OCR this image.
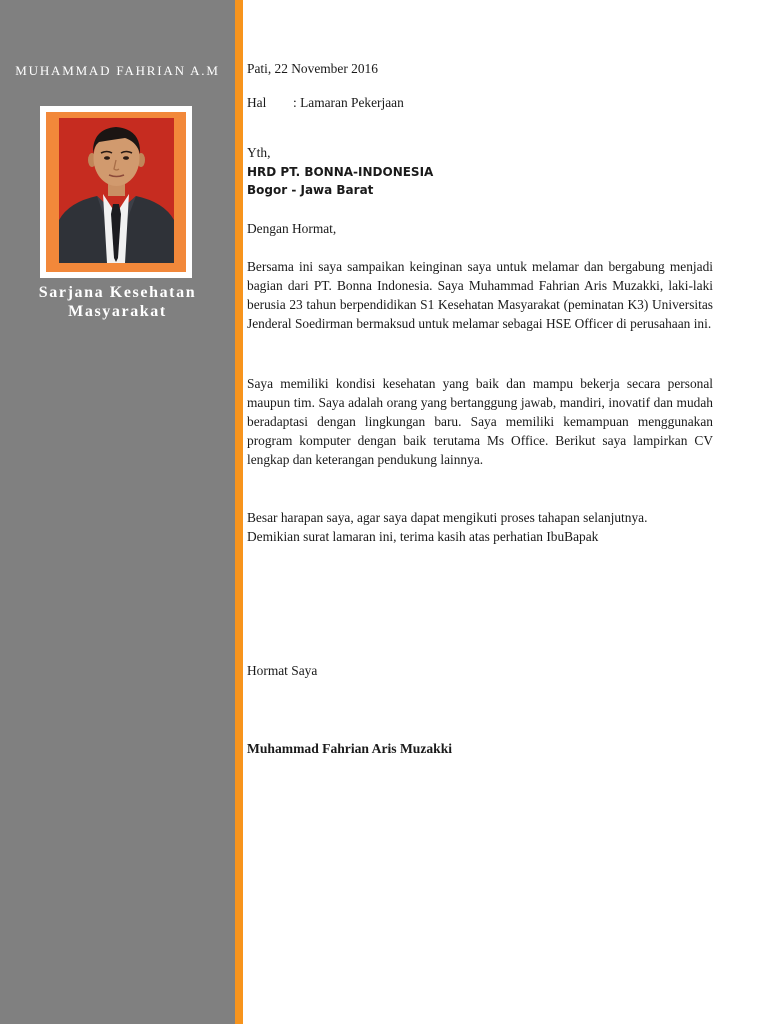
MUHAMMAD FAHRIAN A.M
Sarjana Kesehatan
Masyarakat
Pati, 22 November 2016
Hal : Lamaran Pekerjaan
Yth,
HRD PT. BONNA-INDONESIA
Bogor - Jawa Barat
Dengan Hormat,
Bersama ini saya sampaikan keinginan saya untuk melamar dan bergabung menjadi bagian dari PT. Bonna Indonesia. Saya Muhammad Fahrian Aris Muzakki, laki-laki berusia 23 tahun berpendidikan S1 Kesehatan Masyarakat (peminatan K3) Universitas Jenderal Soedirman bermaksud untuk melamar sebagai HSE Officer di perusahaan ini.
Saya memiliki kondisi kesehatan yang baik dan mampu bekerja secara personal maupun tim. Saya adalah orang yang bertanggung jawab, mandiri, inovatif dan mudah beradaptasi dengan lingkungan baru. Saya memiliki kemampuan menggunakan program komputer dengan baik terutama Ms Office. Berikut saya lampirkan CV lengkap dan keterangan pendukung lainnya.
Besar harapan saya, agar saya dapat mengikuti proses tahapan selanjutnya.
Demikian surat lamaran ini, terima kasih atas perhatian IbuBapak
Hormat Saya
Muhammad Fahrian Aris Muzakki
